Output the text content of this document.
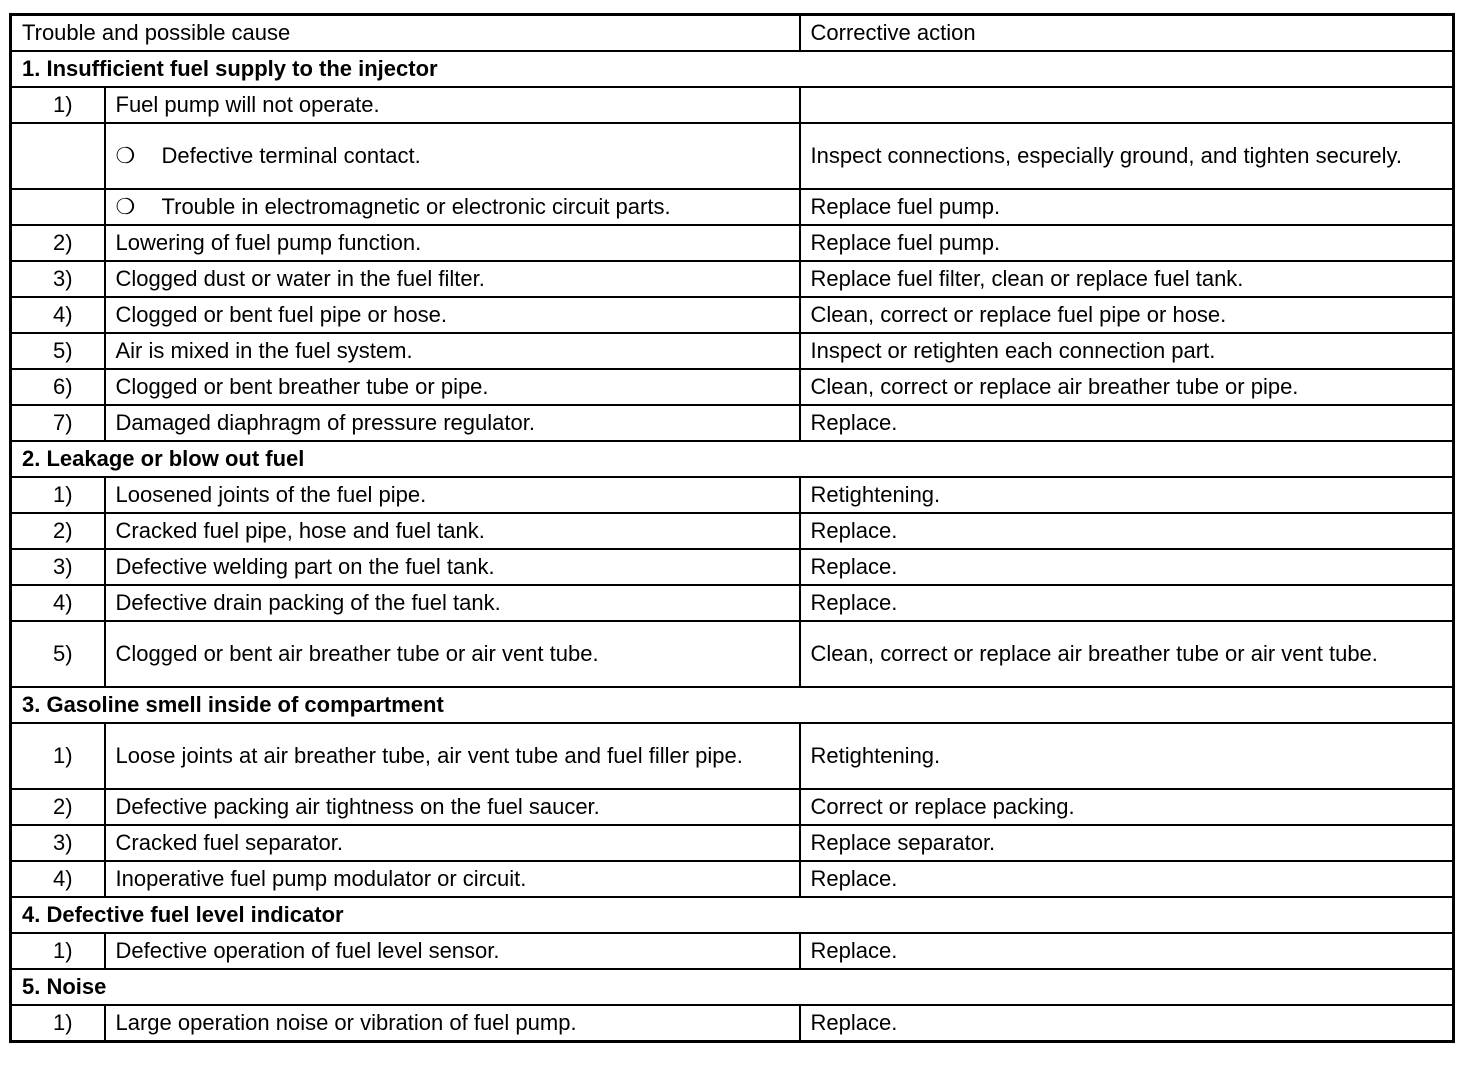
Trouble and possible cause		Corrective action
1. Insufficient fuel supply to the injector		
1)	Fuel pump will not operate.	
	❍ Defective terminal contact.	Inspect connections, especially ground, and tighten securely.
	❍ Trouble in electromagnetic or electronic circuit parts.	Replace fuel pump.
2)	Lowering of fuel pump function.	Replace fuel pump.
3)	Clogged dust or water in the fuel filter.	Replace fuel filter, clean or replace fuel tank.
4)	Clogged or bent fuel pipe or hose.	Clean, correct or replace fuel pipe or hose.
5)	Air is mixed in the fuel system.	Inspect or retighten each connection part.
6)	Clogged or bent breather tube or pipe.	Clean, correct or replace air breather tube or pipe.
7)	Damaged diaphragm of pressure regulator.	Replace.
2. Leakage or blow out fuel		
1)	Loosened joints of the fuel pipe.	Retightening.
2)	Cracked fuel pipe, hose and fuel tank.	Replace.
3)	Defective welding part on the fuel tank.	Replace.
4)	Defective drain packing of the fuel tank.	Replace.
5)	Clogged or bent air breather tube or air vent tube.	Clean, correct or replace air breather tube or air vent tube.
3. Gasoline smell inside of compartment		
1)	Loose joints at air breather tube, air vent tube and fuel filler pipe.	Retightening.
2)	Defective packing air tightness on the fuel saucer.	Correct or replace packing.
3)	Cracked fuel separator.	Replace separator.
4)	Inoperative fuel pump modulator or circuit.	Replace.
4. Defective fuel level indicator		
1)	Defective operation of fuel level sensor.	Replace.
5. Noise		
1)	Large operation noise or vibration of fuel pump.	Replace.
